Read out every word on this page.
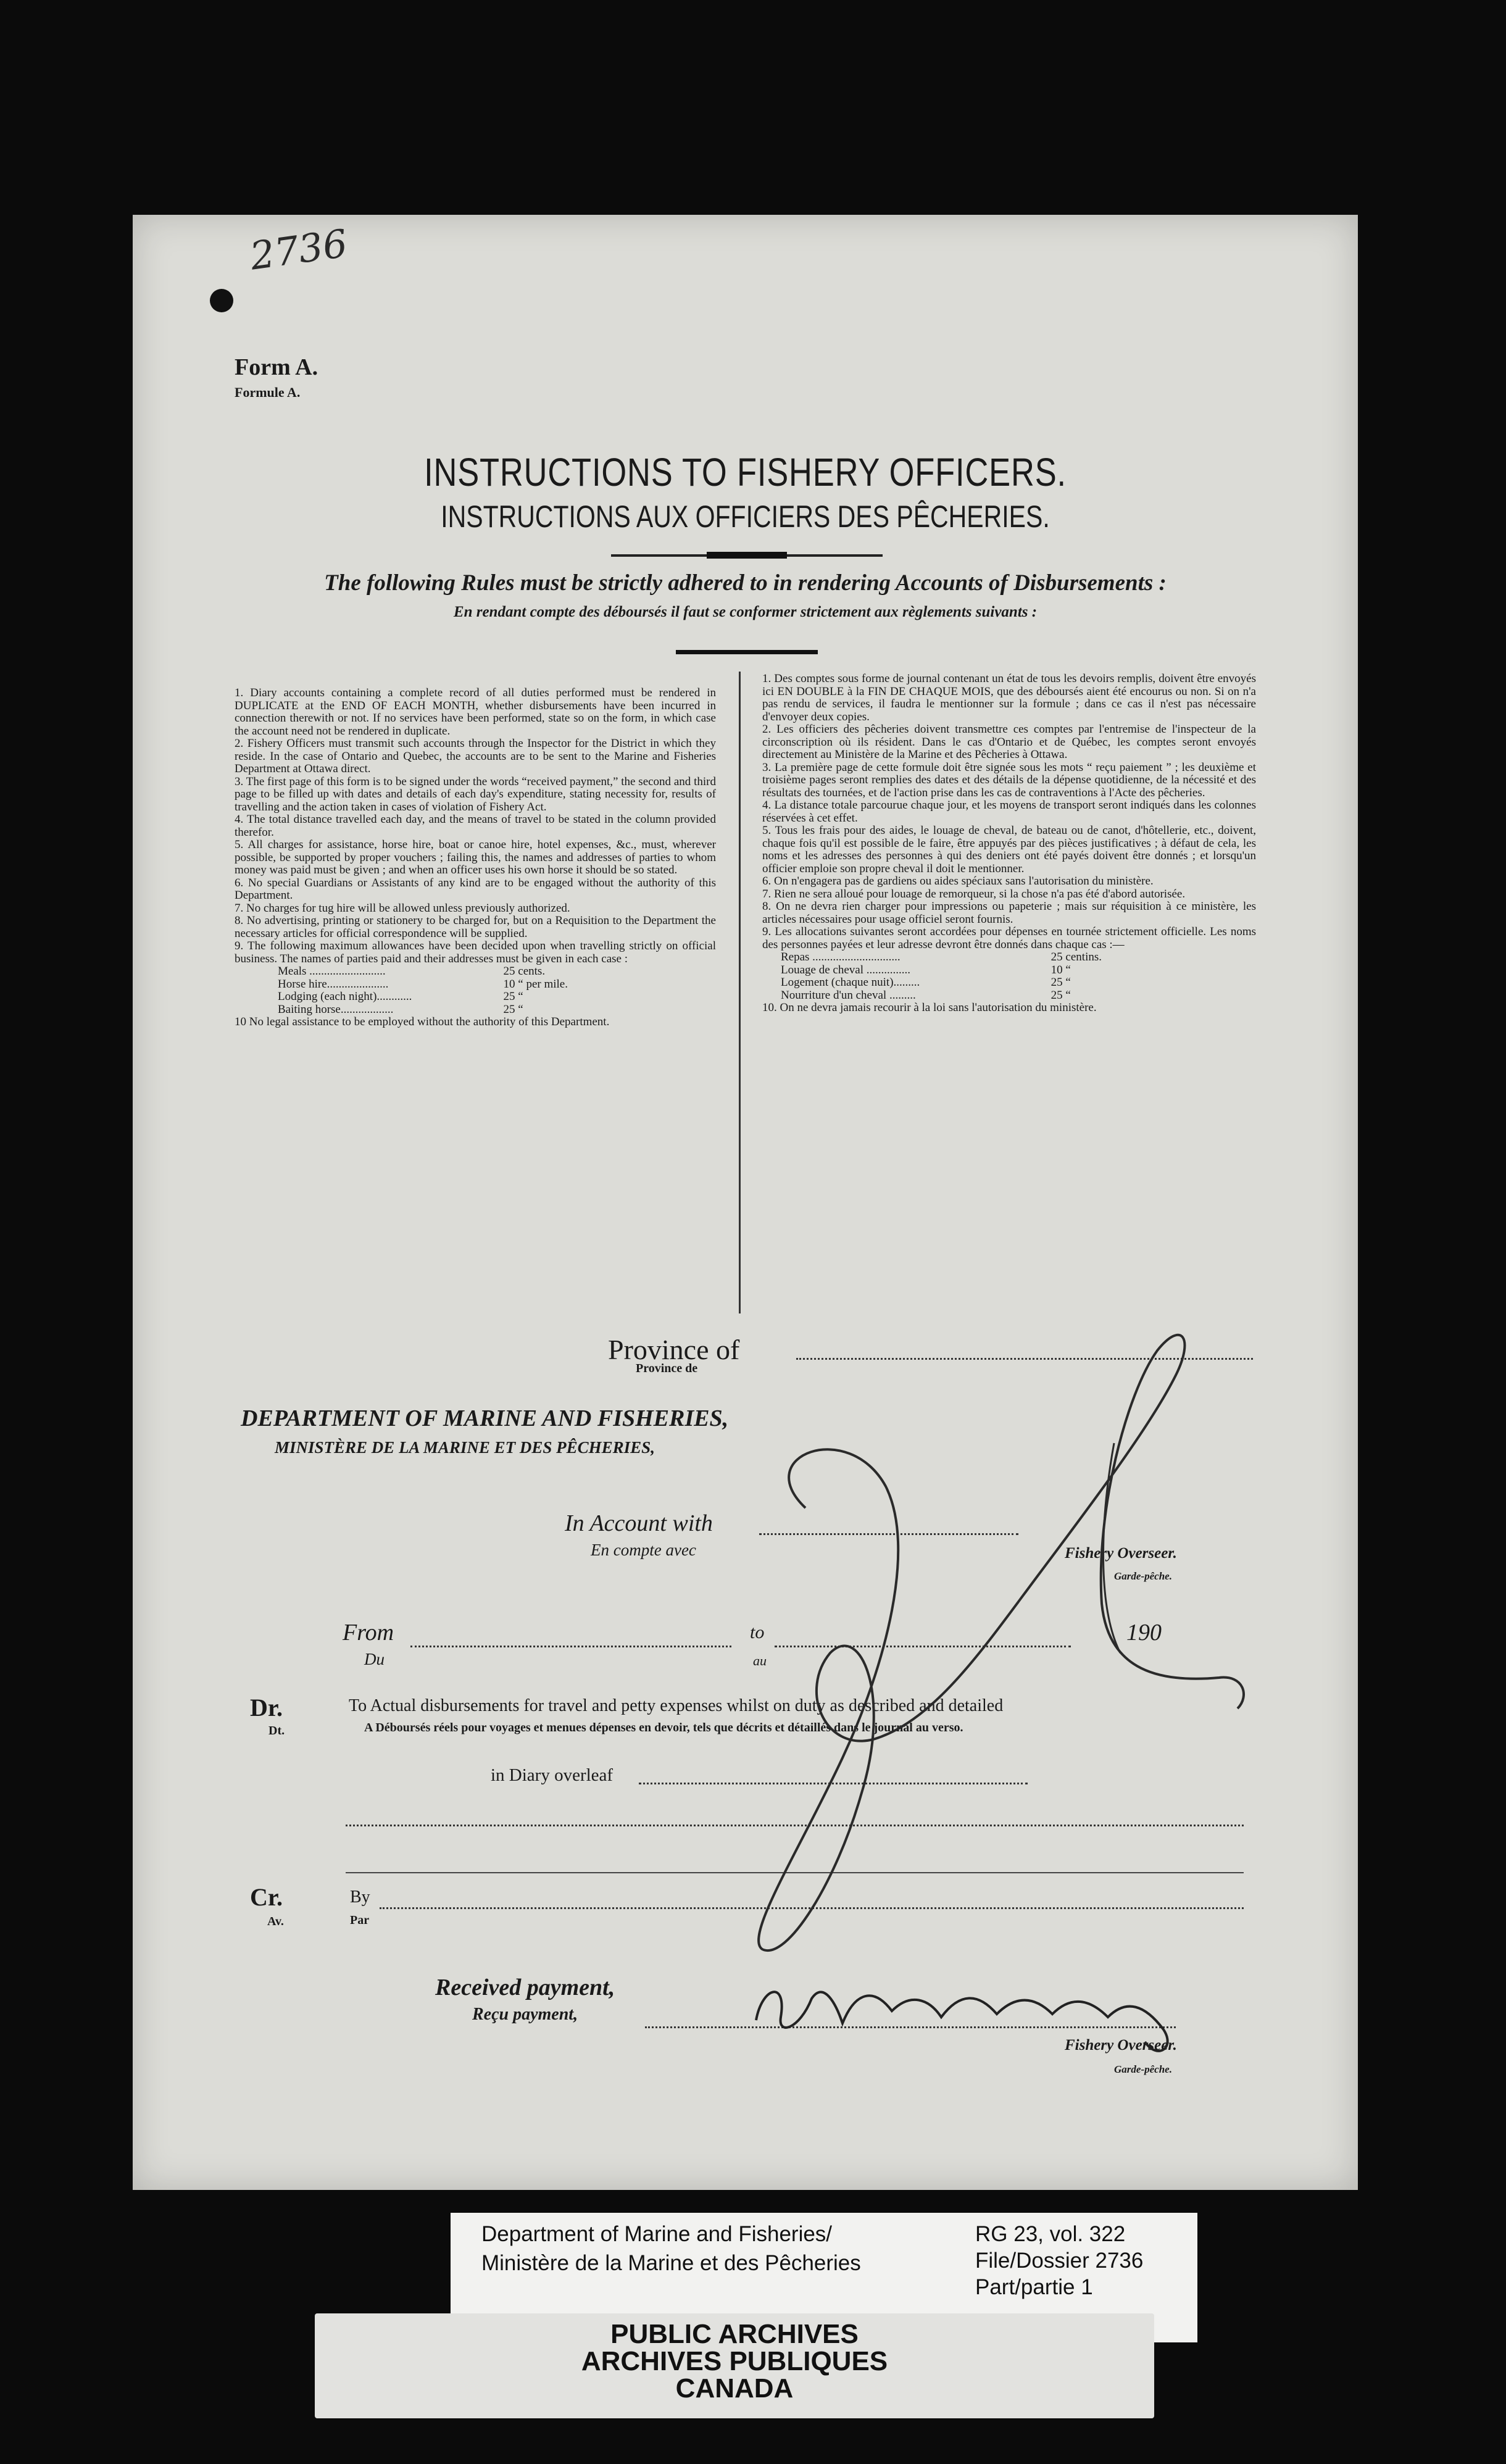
2736
Form A.
Formule A.
INSTRUCTIONS TO FISHERY OFFICERS.
INSTRUCTIONS AUX OFFICIERS DES PÊCHERIES.
The following Rules must be strictly adhered to in rendering Accounts of Disbursements :
En rendant compte des déboursés il faut se conformer strictement aux règlements suivants :

1. Diary accounts containing a complete record of all duties performed must be rendered in DUPLICATE at the END OF EACH MONTH, whether disbursements have been incurred in connection therewith or not. If no services have been performed, state so on the form, in which case the account need not be rendered in duplicate.

2. Fishery Officers must transmit such accounts through the Inspector for the District in which they reside. In the case of Ontario and Quebec, the accounts are to be sent to the Marine and Fisheries Department at Ottawa direct.

3. The first page of this form is to be signed under the words “received payment,” the second and third page to be filled up with dates and details of each day's expenditure, stating necessity for, results of travelling and the action taken in cases of violation of Fishery Act.

4. The total distance travelled each day, and the means of travel to be stated in the column provided therefor.

5. All charges for assistance, horse hire, boat or canoe hire, hotel expenses, &c., must, wherever possible, be supported by proper vouchers ; failing this, the names and addresses of parties to whom money was paid must be given ; and when an officer uses his own horse it should be so stated.

6. No special Guardians or Assistants of any kind are to be engaged without the authority of this Department.

7. No charges for tug hire will be allowed unless previously authorized.

8. No advertising, printing or stationery to be charged for, but on a Requisition to the Department the necessary articles for official correspondence will be supplied.

9. The following maximum allowances have been decided upon when travelling strictly on official business. The names of parties paid and their addresses must be given in each case :

Meals ..........................	25 cents.
Horse hire.....................	10 “ per mile.
Lodging (each night)............	25 “
Baiting horse..................	25 “

10 No legal assistance to be employed without the authority of this Department.

1. Des comptes sous forme de journal contenant un état de tous les devoirs remplis, doivent être envoyés ici EN DOUBLE à la FIN DE CHAQUE MOIS, que des déboursés aient été encourus ou non. Si on n'a pas rendu de services, il faudra le mentionner sur la formule ; dans ce cas il n'est pas nécessaire d'envoyer deux copies.

2. Les officiers des pêcheries doivent transmettre ces comptes par l'entremise de l'inspecteur de la circonscription où ils résident. Dans le cas d'Ontario et de Québec, les comptes seront envoyés directement au Ministère de la Marine et des Pêcheries à Ottawa.

3. La première page de cette formule doit être signée sous les mots “ reçu paiement ” ; les deuxième et troisième pages seront remplies des dates et des détails de la dépense quotidienne, de la nécessité et des résultats des tournées, et de l'action prise dans les cas de contraventions à l'Acte des pêcheries.

4. La distance totale parcourue chaque jour, et les moyens de transport seront indiqués dans les colonnes réservées à cet effet.

5. Tous les frais pour des aides, le louage de cheval, de bateau ou de canot, d'hôtellerie, etc., doivent, chaque fois qu'il est possible de le faire, être appuyés par des pièces justificatives ; à défaut de cela, les noms et les adresses des personnes à qui des deniers ont été payés doivent être donnés ; et lorsqu'un officier emploie son propre cheval il doit le mentionner.

6. On n'engagera pas de gardiens ou aides spéciaux sans l'autorisation du ministère.

7. Rien ne sera alloué pour louage de remorqueur, si la chose n'a pas été d'abord autorisée.

8. On ne devra rien charger pour impressions ou papeterie ; mais sur réquisition à ce ministère, les articles nécessaires pour usage officiel seront fournis.

9. Les allocations suivantes seront accordées pour dépenses en tournée strictement officielle. Les noms des personnes payées et leur adresse devront être donnés dans chaque cas :—

Repas ..............................	25 centins.
Louage de cheval ...............	10 “
Logement (chaque nuit).........	25 “
Nourriture d'un cheval .........	25 “

10. On ne devra jamais recourir à la loi sans l'autorisation du ministère.

Province of
Province de
DEPARTMENT OF MARINE AND FISHERIES,
MINISTÈRE DE LA MARINE ET DES PÊCHERIES,
In Account with
En compte avec	Fishery Overseer.
Garde-pêche.
From
Du
to
au
190
Dr.
Dt.
To Actual disbursements for travel and petty expenses whilst on duty as described and detailed
A Déboursés réels pour voyages et menues dépenses en devoir, tels que décrits et détaillés dans le journal au verso.
in Diary overleaf
Cr.
Av.
By
Par
Received payment,
Reçu payment,
Fishery Overseer.
Garde-pêche.
Department of Marine and Fisheries/
Ministère de la Marine et des Pêcheries
RG 23, vol. 322
File/Dossier 2736
Part/partie 1
PUBLIC ARCHIVES
ARCHIVES PUBLIQUES
CANADA
